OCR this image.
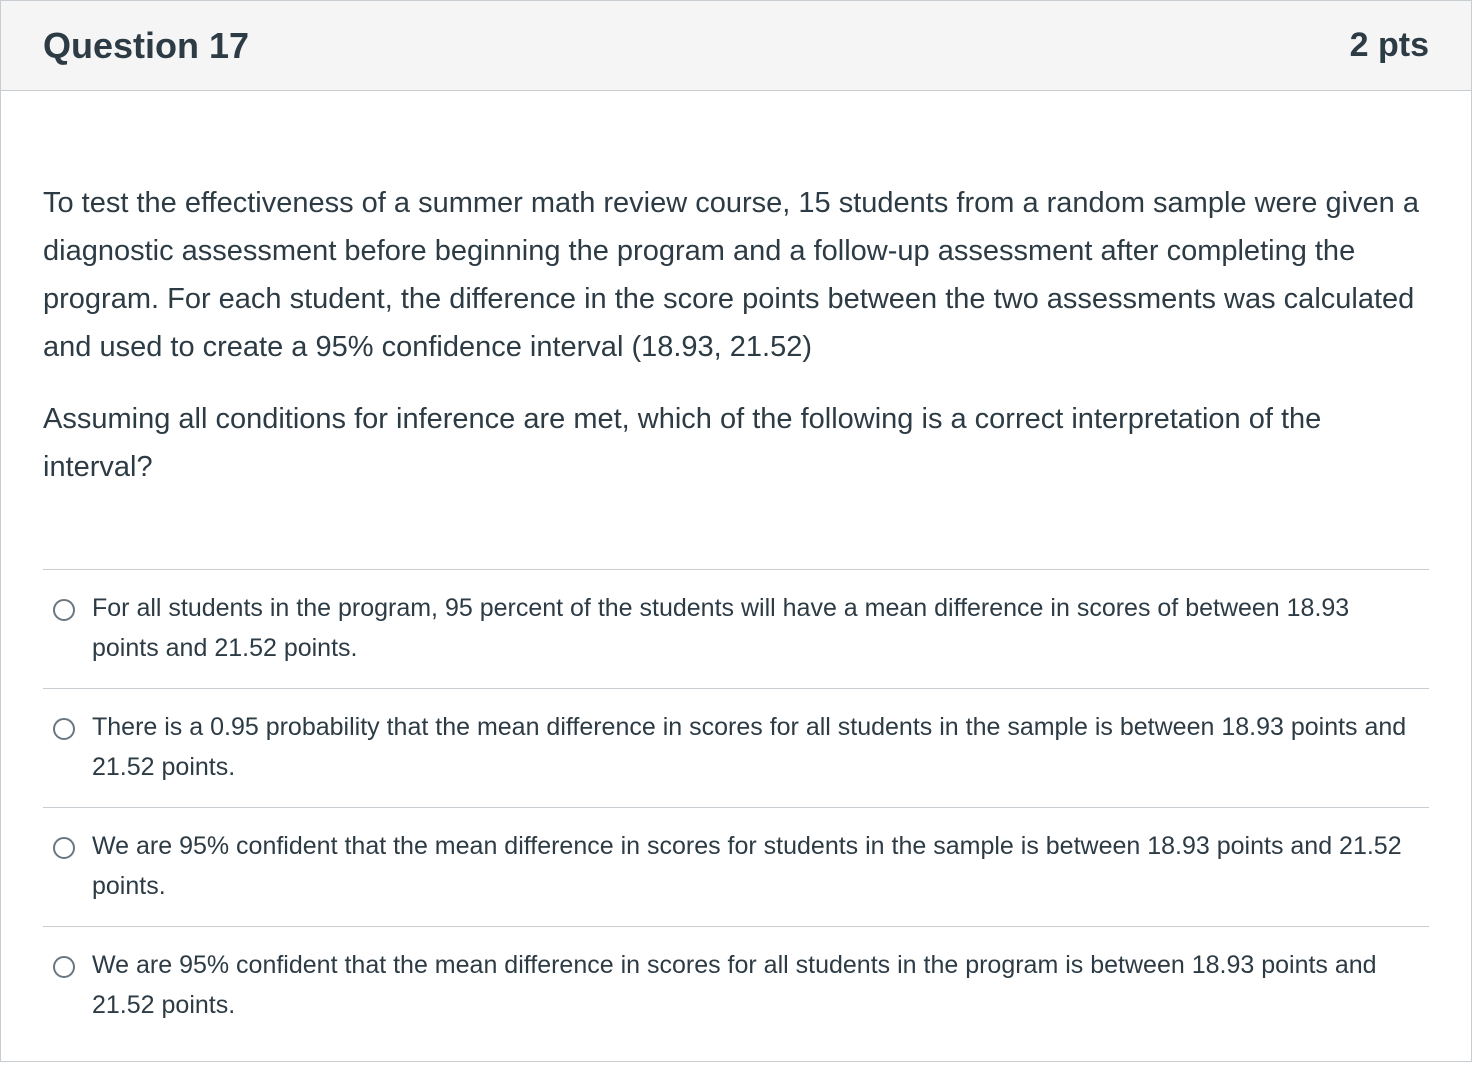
Question 17	2 pts

To test the effectiveness of a summer math review course, 15 students from a random sample were given a diagnostic assessment before beginning the program and a follow-up assessment after completing the program. For each student, the difference in the score points between the two assessments was calculated and used to create a 95% confidence interval (18.93, 21.52)

Assuming all conditions for inference are met, which of the following is a correct interpretation of the interval?

For all students in the program, 95 percent of the students will have a mean difference in scores of between 18.93 points and 21.52 points.
There is a 0.95 probability that the mean difference in scores for all students in the sample is between 18.93 points and 21.52 points.
We are 95% confident that the mean difference in scores for students in the sample is between 18.93 points and 21.52 points.
We are 95% confident that the mean difference in scores for all students in the program is between 18.93 points and 21.52 points.
